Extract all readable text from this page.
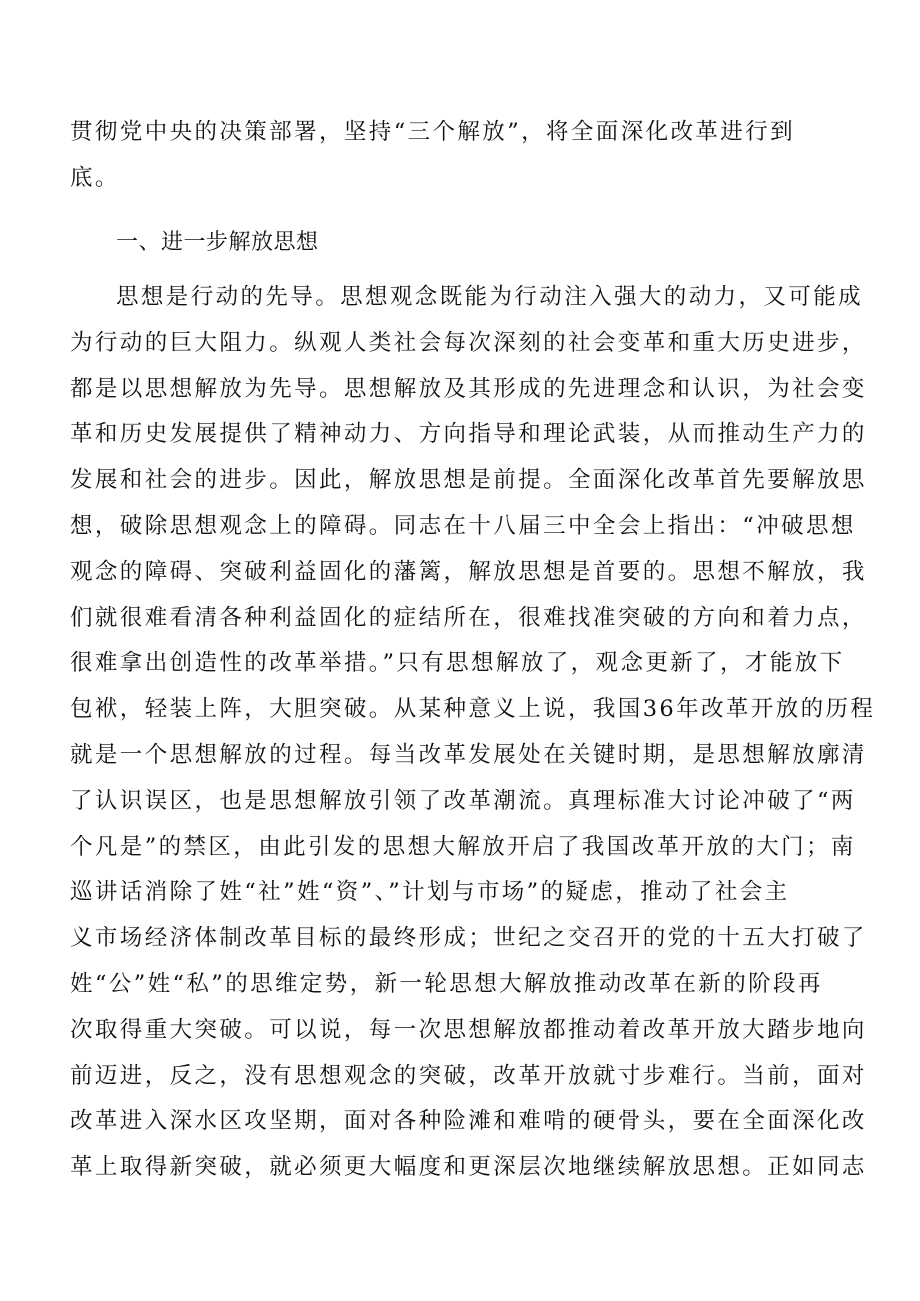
贯彻党中央的决策部署，坚持“三个解放”，将全面深化改革进行到
底。
一、进一步解放思想
思想是行动的先导。思想观念既能为行动注入强大的动力，又可能成
为行动的巨大阻力。纵观人类社会每次深刻的社会变革和重大历史进步，
都是以思想解放为先导。思想解放及其形成的先进理念和认识，为社会变
革和历史发展提供了精神动力、方向指导和理论武装，从而推动生产力的
发展和社会的进步。因此，解放思想是前提。全面深化改革首先要解放思
想，破除思想观念上的障碍。同志在十八届三中全会上指出：“冲破思想
观念的障碍、突破利益固化的藩篱，解放思想是首要的。思想不解放，我
们就很难看清各种利益固化的症结所在，很难找准突破的方向和着力点，
很难拿出创造性的改革举措。”只有思想解放了，观念更新了，才能放下
包袱，轻装上阵，大胆突破。从某种意义上说，我国36年改革开放的历程
就是一个思想解放的过程。每当改革发展处在关键时期，是思想解放廓清
了认识误区，也是思想解放引领了改革潮流。真理标准大讨论冲破了“两
个凡是”的禁区，由此引发的思想大解放开启了我国改革开放的大门；南
巡讲话消除了姓“社”姓“资”、”计划与市场”的疑虑，推动了社会主
义市场经济体制改革目标的最终形成；世纪之交召开的党的十五大打破了
姓“公”姓“私”的思维定势，新一轮思想大解放推动改革在新的阶段再
次取得重大突破。可以说，每一次思想解放都推动着改革开放大踏步地向
前迈进，反之，没有思想观念的突破，改革开放就寸步难行。当前，面对
改革进入深水区攻坚期，面对各种险滩和难啃的硬骨头，要在全面深化改
革上取得新突破，就必须更大幅度和更深层次地继续解放思想。正如同志
